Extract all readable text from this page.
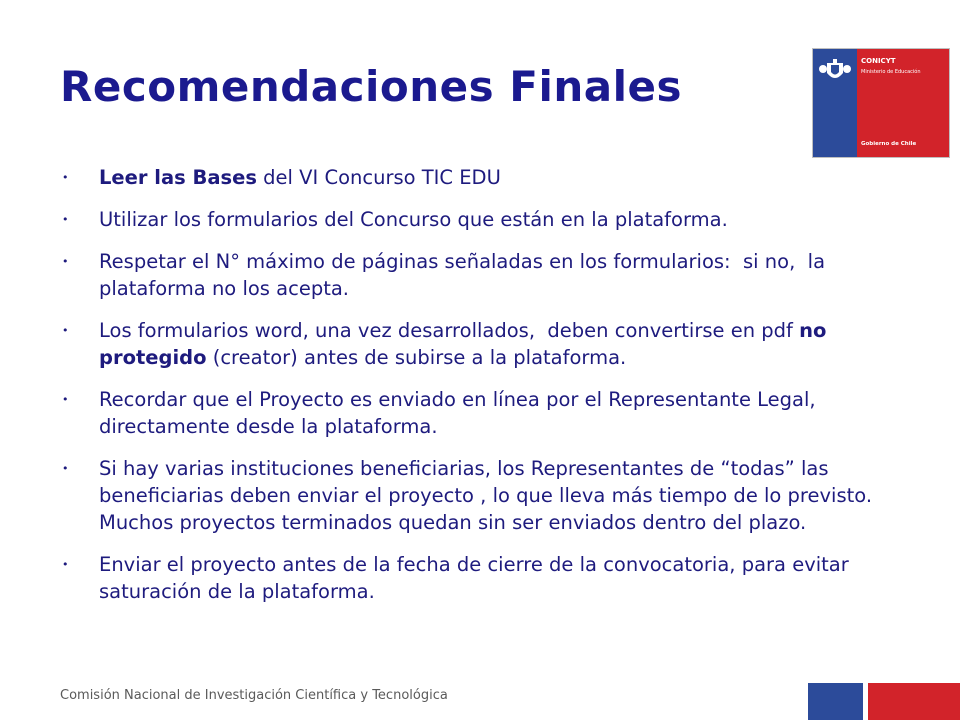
Recomendaciones Finales
CONICYT
Ministerio de Educación
Gobierno de Chile
• Leer las Bases del VI Concurso TIC EDU
• Utilizar los formularios del Concurso que están en la plataforma.
• Respetar el N° máximo de páginas señaladas en los formularios:  si no,  la plataforma no los acepta.
• Los formularios word, una vez desarrollados,  deben convertirse en pdf no protegido (creator) antes de subirse a la plataforma.
• Recordar que el Proyecto es enviado en línea por el Representante Legal, directamente desde la plataforma.
• Si hay varias instituciones beneficiarias, los Representantes de “todas” las beneficiarias deben enviar el proyecto , lo que lleva más tiempo de lo previsto. Muchos proyectos terminados quedan sin ser enviados dentro del plazo.
• Enviar el proyecto antes de la fecha de cierre de la convocatoria, para evitar saturación de la plataforma.
Comisión Nacional de Investigación Científica y Tecnológica
